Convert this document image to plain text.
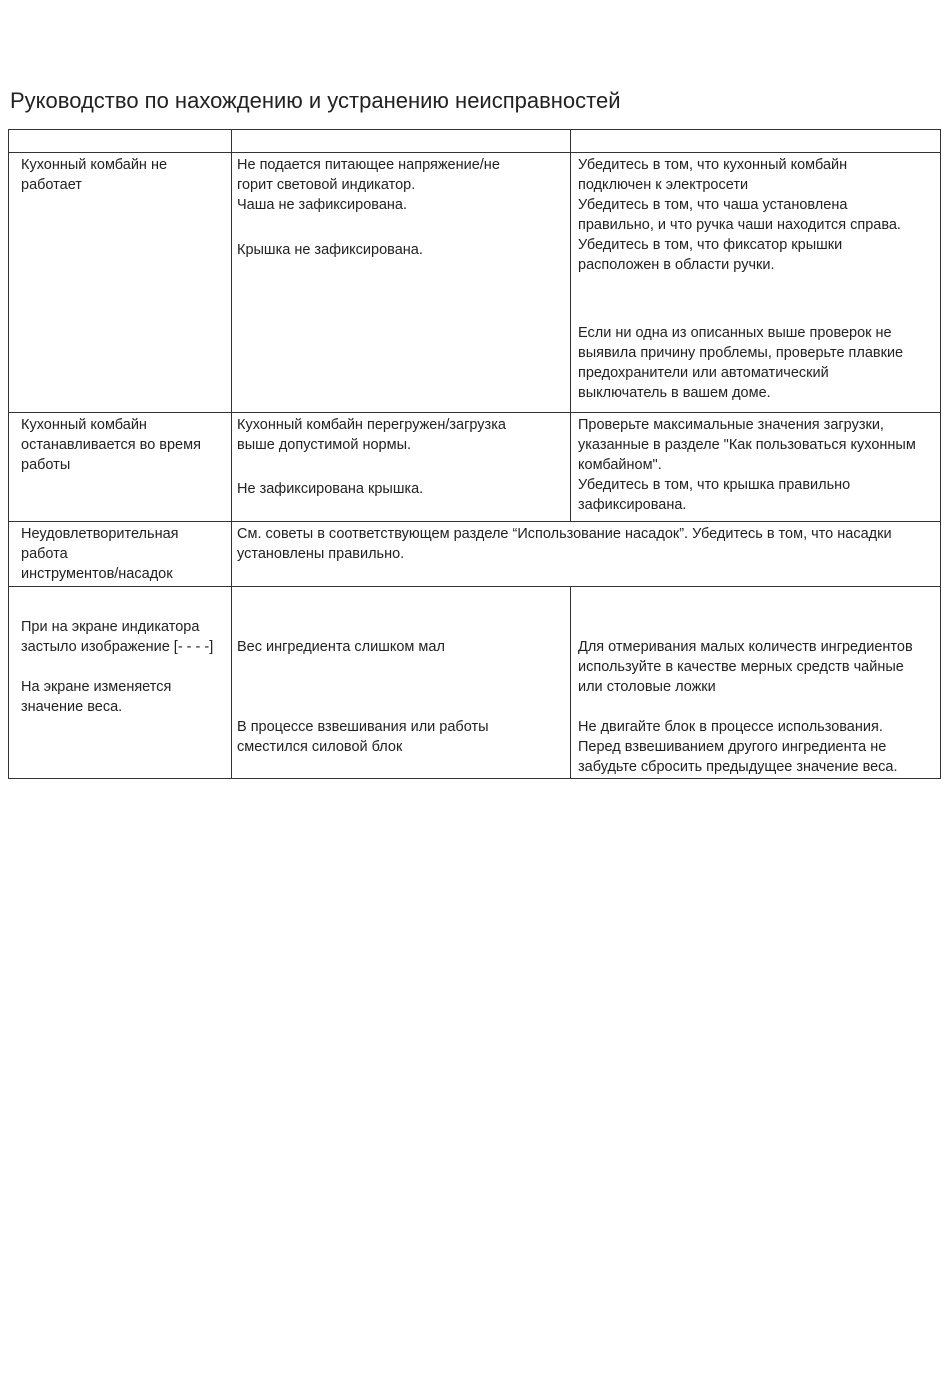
Руководство по нахождению и устранению неисправностей

Кухонный комбайн не
работает

Не подается питающее напряжение/не
горит световой индикатор.

Чаша не зафиксирована.

Крышка не зафиксирована.

Убедитесь в том, что кухонный комбайн
подключен к электросети

Убедитесь в том, что чаша установлена
правильно, и что ручка чаши находится справа.

Убедитесь в том, что фиксатор крышки
расположен в области ручки.

Если ни одна из описанных выше проверок не
выявила причину проблемы, проверьте плавкие
предохранители или автоматический
выключатель в вашем доме.

Кухонный комбайн
останавливается во время
работы

Кухонный комбайн перегружен/загрузка
выше допустимой нормы.

Не зафиксирована крышка.

Проверьте максимальные значения загрузки,
указанные в разделе "Как пользоваться кухонным
комбайном".

Убедитесь в том, что крышка правильно
зафиксирована.

Неудовлетворительная
работа
инструментов/насадок

См. советы в соответствующем разделе “Использование насадок”. Убедитесь в том, что насадки
установлены правильно.

При на экране индикатора
застыло изображение [- - - -]

На экране изменяется
значение веса.

Вес ингредиента слишком мал

В процессе взвешивания или работы
сместился силовой блок

Для отмеривания малых количеств ингредиентов
используйте в качестве мерных средств чайные
или столовые ложки

Не двигайте блок в процессе использования.
Перед взвешиванием другого ингредиента не
забудьте сбросить предыдущее значение веса.
